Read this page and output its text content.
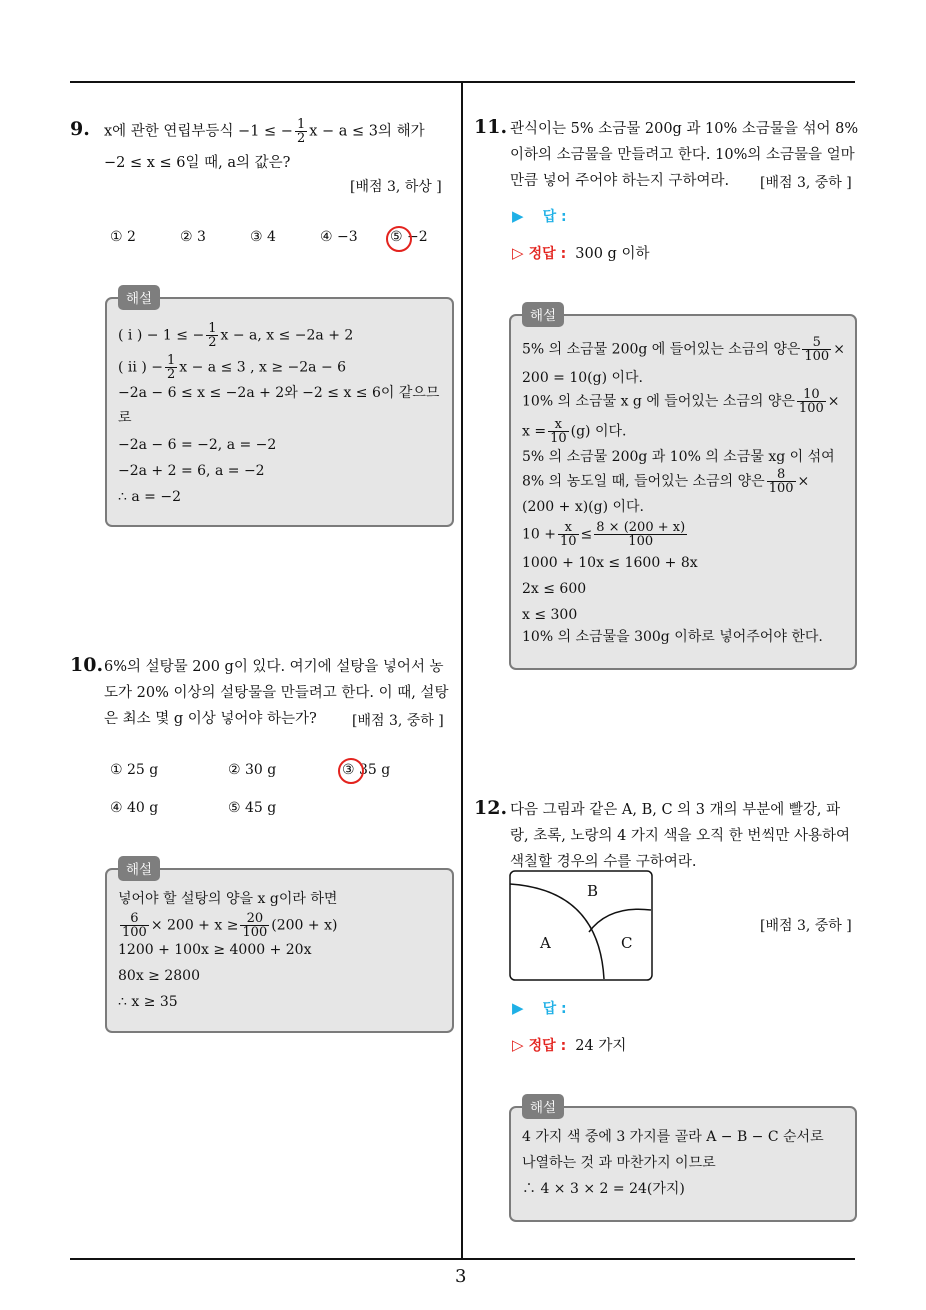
3
9. x에 관한 연립부등식 −1 ≤ − $\frac{1}{2}$ x − a ≤ 3의 해가
−2 ≤ x ≤ 6일 때, a의 값은?
[배점 3, 하상 ]
① 2	② 3	③ 4	④ −3 ⑤ −2
해설
( i ) − 1 ≤ − $\frac{1}{2}$ x − a, x ≤ −2a + 2
( ii ) − $\frac{1}{2}$ x − a ≤ 3 , x ≥ −2a − 6
−2a − 6 ≤ x ≤ −2a + 2와 −2 ≤ x ≤ 6이 같으므
로
−2a − 6 = −2, a = −2
−2a + 2 = 6, a = −2
∴ a = −2
10. 6%의 설탕물 200 g이 있다. 여기에 설탕을 넣어서 농
도가 20% 이상의 설탕물을 만들려고 한다. 이 때, 설탕
은 최소 몇 g 이상 넣어야 하는가?	[배점 3, 중하 ]
① 25 g	② 30 g	③ 35 g
④ 40 g	⑤ 45 g
해설
넣어야 할 설탕의 양을 x g이라 하면
$\frac{6}{100} \times 200 + x \ge \frac{20}{100} (200 + x)$
1200 + 100x ≥ 4000 + 20x
80x ≥ 2800
∴ x ≥ 35
11. 관식이는 5% 소금물 200g 과 10% 소금물을 섞어 8%
이하의 소금물을 만들려고 한다. 10%의 소금물을 얼마
만큼 넣어 주어야 하는지 구하여라. [배점 3, 중하 ]
▶ 답 :
▷ 정답 : 300 g 이하
해설
5% 의 소금물 200g 에 들어있는 소금의 양은 $\frac{5}{100}$ ×
200 = 10(g) 이다.
10% 의 소금물 x g 에 들어있는 소금의 양은 $\frac{10}{100}$ ×
$x = \frac{x}{10} (g)$ 이다.
5% 의 소금물 200g 과 10% 의 소금물 xg 이 섞여
8% 의 농도일 때, 들어있는 소금의 양은 $\frac{8}{100}$ ×
(200 + x)(g) 이다.
$10 + \frac{x}{10} \le \frac{8 \times (200 + x)}{100}$
1000 + 10x ≤ 1600 + 8x
2x ≤ 600
x ≤ 300
10% 의 소금물을 300g 이하로 넣어주어야 한다.
12. 다음 그림과 같은 A, B, C 의 3 개의 부분에 빨강, 파
랑, 초록, 노랑의 4 가지 색을 오직 한 번씩만 사용하여
색칠할 경우의 수를 구하여라.
A
B
C
[배점 3, 중하 ]
▶ 답 :
▷ 정답 : 24 가지
해설
4 가지 색 중에 3 가지를 골라 A − B − C 순서로
나열하는 것 과 마찬가지 이므로
∴ 4 × 3 × 2 = 24(가지)
